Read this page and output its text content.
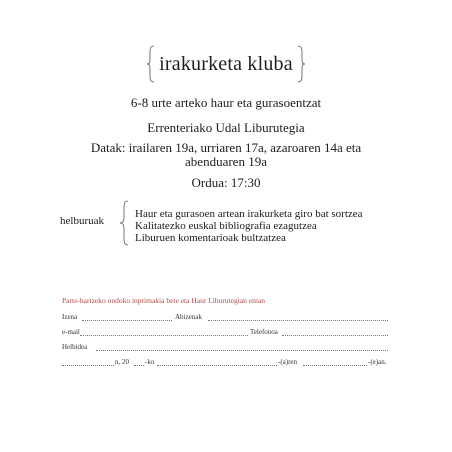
irakurketa kluba
6-8 urte arteko haur eta gurasoentzat
Errenteriako Udal Liburutegia
Datak: irailaren 19a, urriaren 17a, azaroaren 14a eta
abenduaren 19a
Ordua: 17:30
helburuak
Haur eta gurasoen artean irakurketa giro bat sortzea
Kalitatezko euskal bibliografia ezagutzea
Liburuen komentarioak bultzatzea
Parte-hartzeko ondoko inprimakia bete eta Haur Liburutegian eman
Izena	Abizenak
e-mail	Telefonoa
Helbidea
n, 20 -ko	-(a)ren	-(e)an.
